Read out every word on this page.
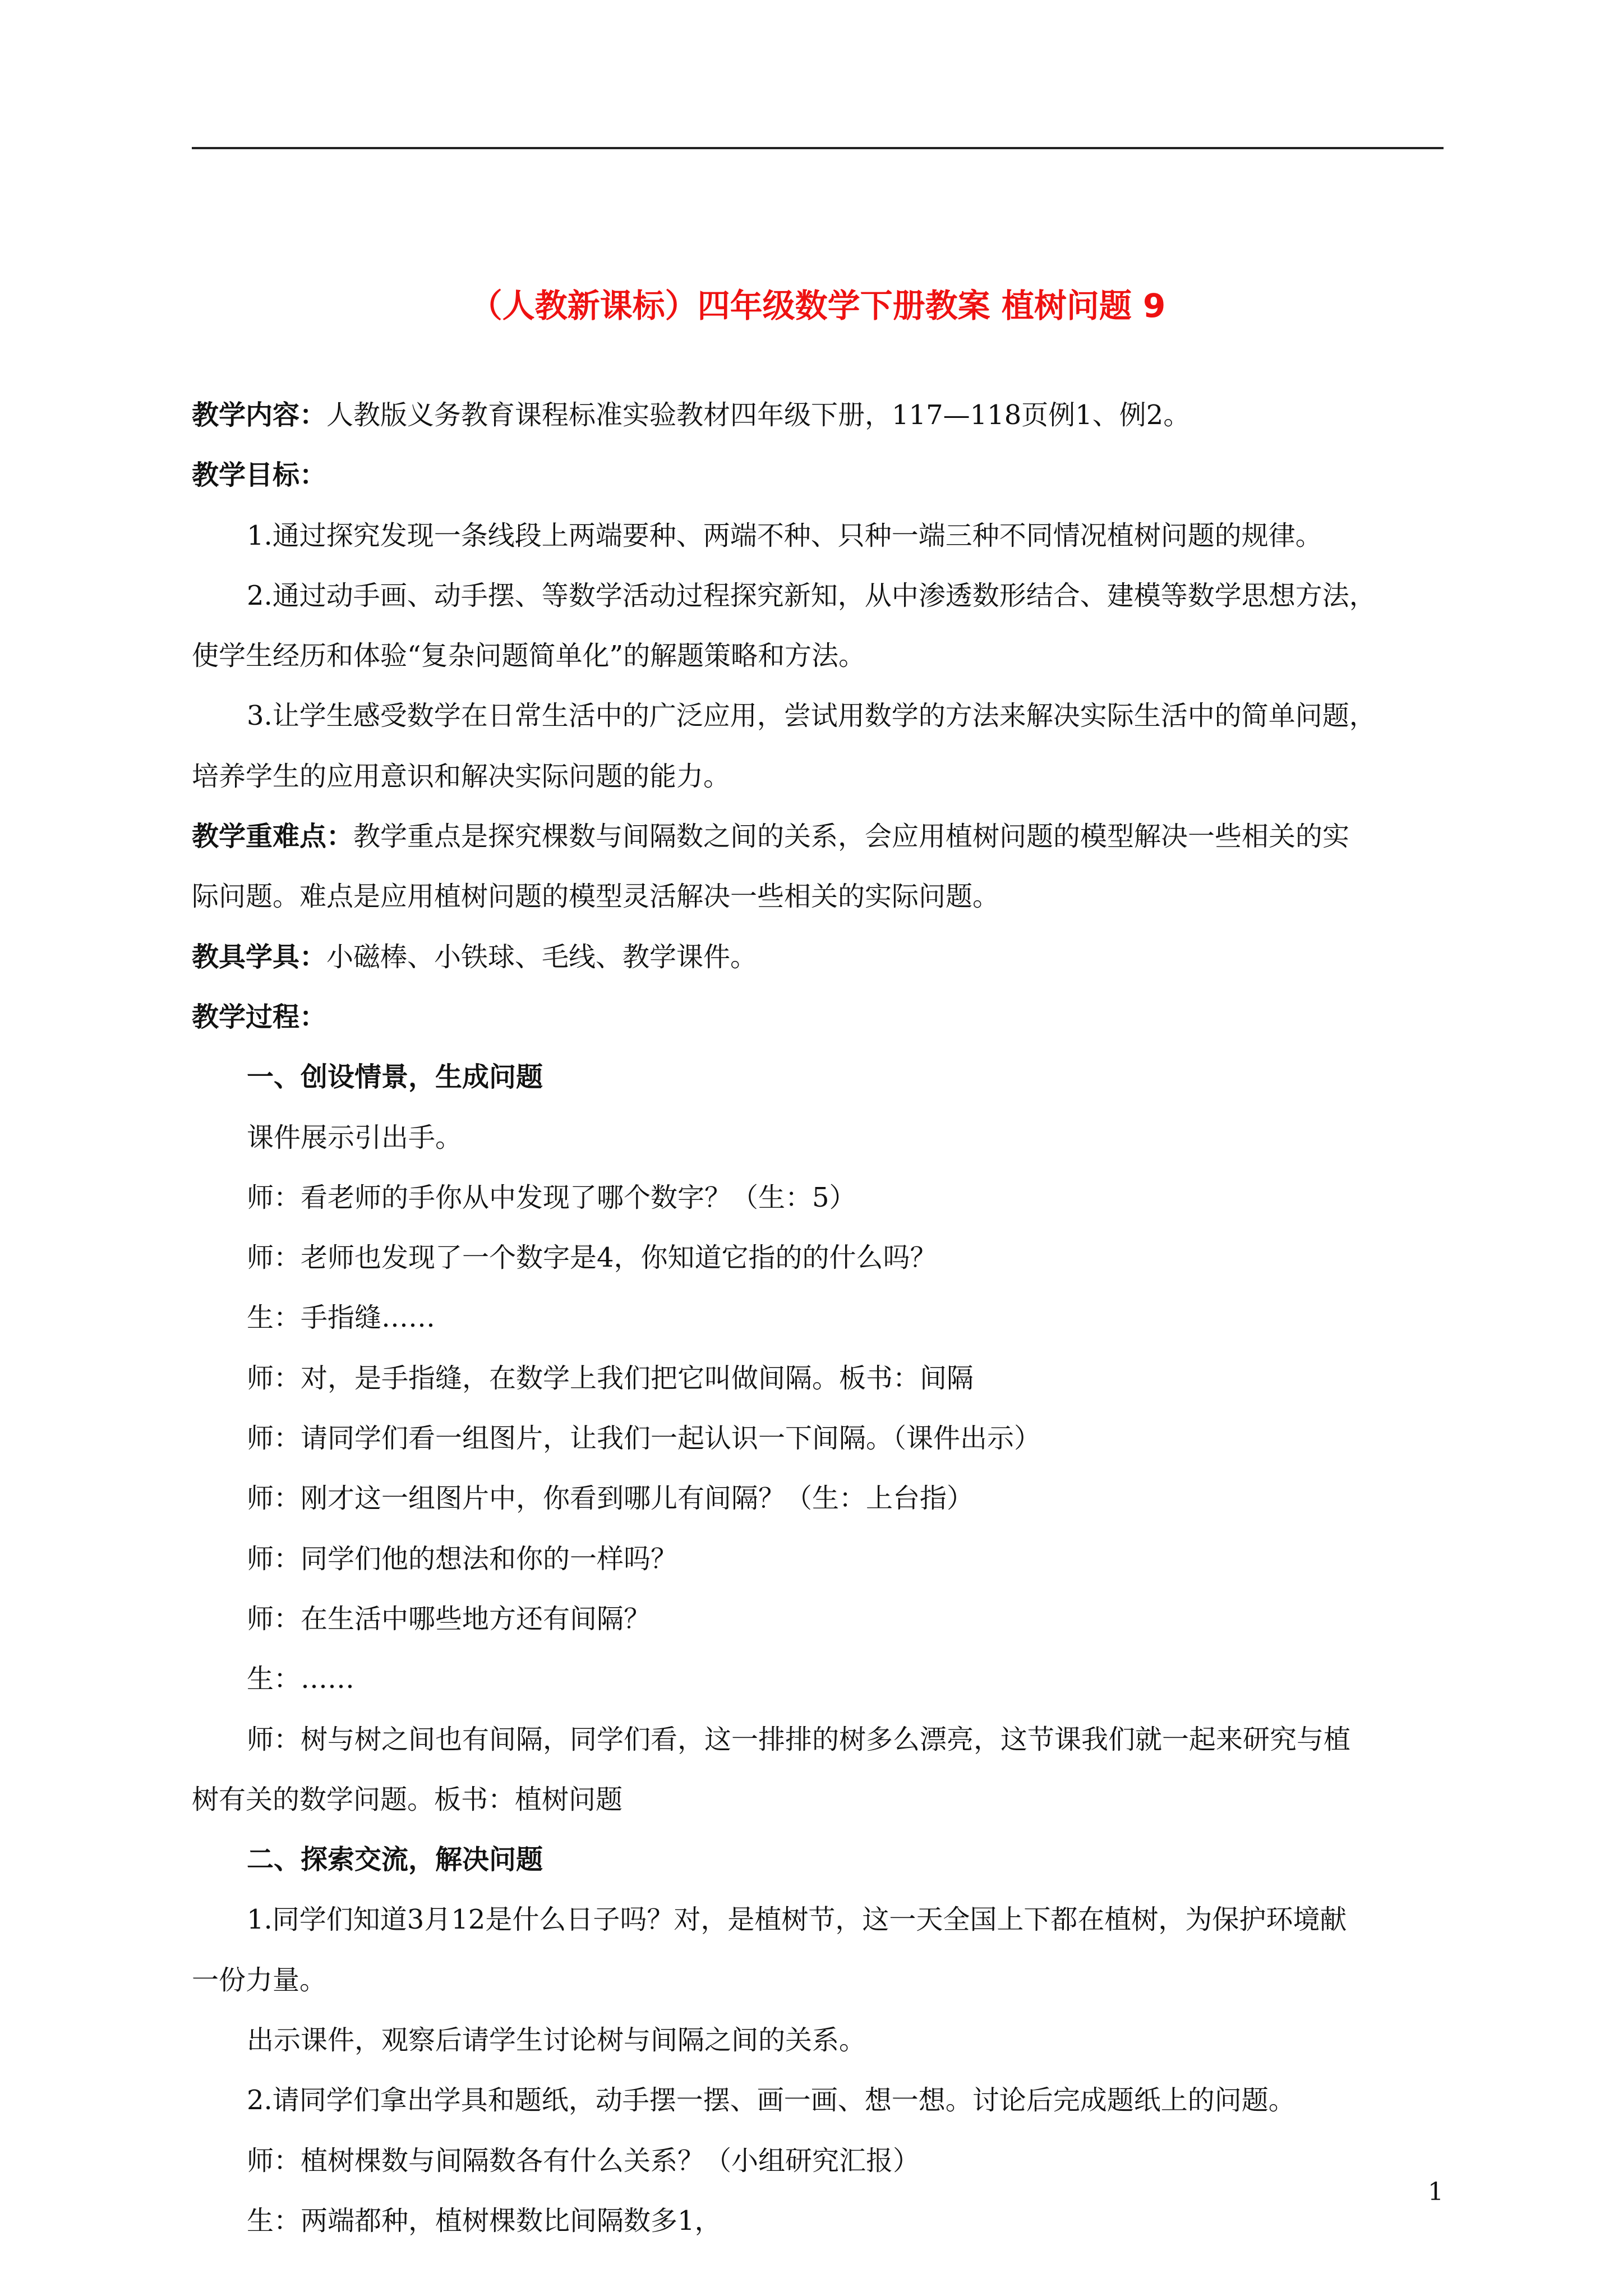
（人教新课标）四年级数学下册教案 植树问题 9
教学内容：人教版义务教育课程标准实验教材四年级下册，117—118页例1、例2。
教学目标：
1.通过探究发现一条线段上两端要种、两端不种、只种一端三种不同情况植树问题的规律。
2.通过动手画、动手摆、等数学活动过程探究新知，从中渗透数形结合、建模等数学思想方法，
使学生经历和体验“复杂问题简单化”的解题策略和方法。
3.让学生感受数学在日常生活中的广泛应用，尝试用数学的方法来解决实际生活中的简单问题，
培养学生的应用意识和解决实际问题的能力。
教学重难点：教学重点是探究棵数与间隔数之间的关系，会应用植树问题的模型解决一些相关的实
际问题。难点是应用植树问题的模型灵活解决一些相关的实际问题。
教具学具：小磁棒、小铁球、毛线、教学课件。
教学过程：
一、创设情景，生成问题
课件展示引出手。
师：看老师的手你从中发现了哪个数字？（生：5）
师：老师也发现了一个数字是4，你知道它指的的什么吗？
生：手指缝……
师：对，是手指缝，在数学上我们把它叫做间隔。板书：间隔
师：请同学们看一组图片，让我们一起认识一下间隔。（课件出示）
师：刚才这一组图片中，你看到哪儿有间隔？（生：上台指）
师：同学们他的想法和你的一样吗？
师：在生活中哪些地方还有间隔？
生：……
师：树与树之间也有间隔，同学们看，这一排排的树多么漂亮，这节课我们就一起来研究与植
树有关的数学问题。板书：植树问题
二、探索交流，解决问题
1.同学们知道3月12是什么日子吗？对，是植树节，这一天全国上下都在植树，为保护环境献
一份力量。
出示课件，观察后请学生讨论树与间隔之间的关系。
2.请同学们拿出学具和题纸，动手摆一摆、画一画、想一想。讨论后完成题纸上的问题。
师：植树棵数与间隔数各有什么关系？（小组研究汇报）
生：两端都种，植树棵数比间隔数多1，
1
